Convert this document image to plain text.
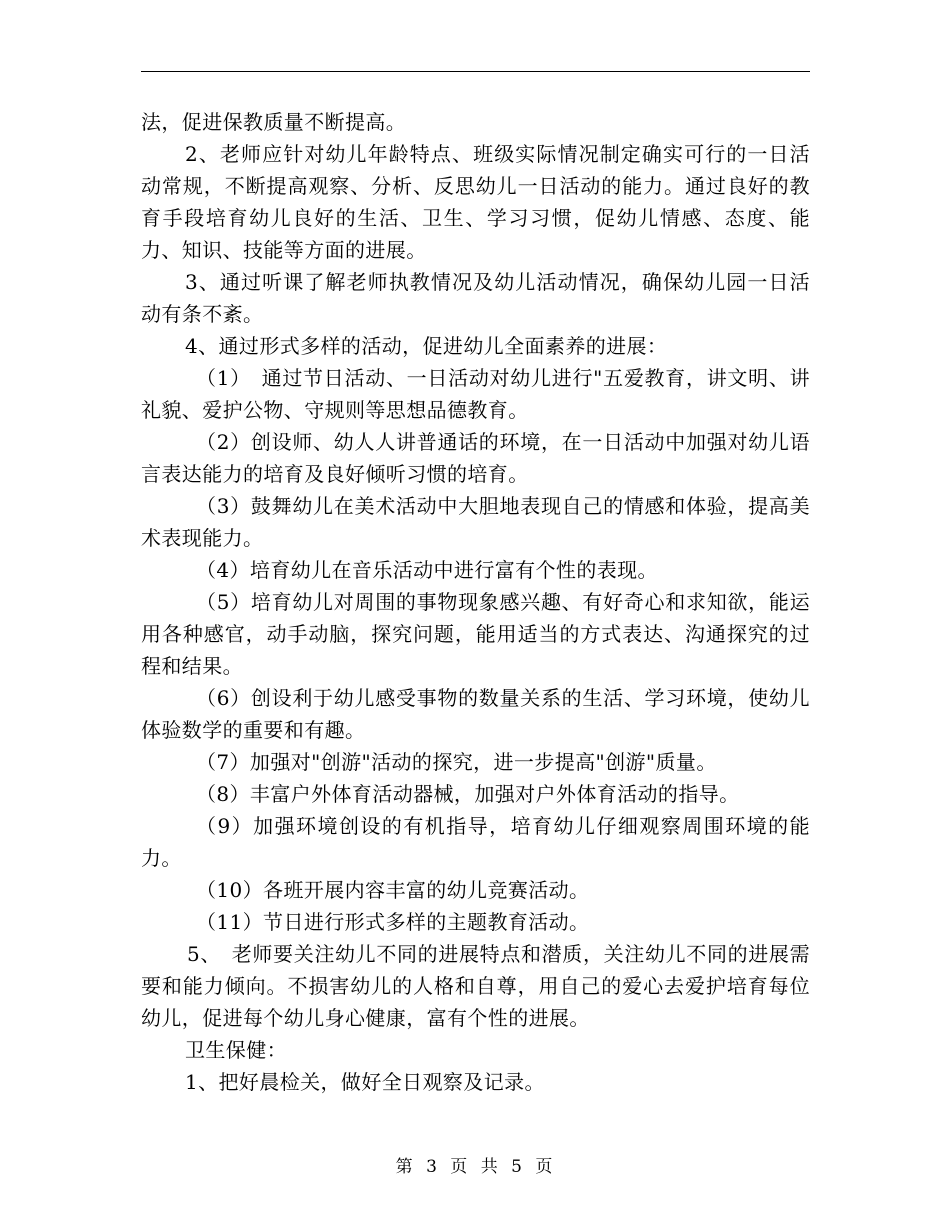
法，促进保教质量不断提高。

2、老师应针对幼儿年龄特点、班级实际情况制定确实可行的一日活动常规，不断提高观察、分析、反思幼儿一日活动的能力。通过良好的教育手段培育幼儿良好的生活、卫生、学习习惯，促幼儿情感、态度、能力、知识、技能等方面的进展。

3、通过听课了解老师执教情况及幼儿活动情况，确保幼儿园一日活动有条不紊。

4、通过形式多样的活动，促进幼儿全面素养的进展：

（1）　通过节日活动、一日活动对幼儿进行"五爱教育，讲文明、讲礼貌、爱护公物、守规则等思想品德教育。

（2）创设师、幼人人讲普通话的环境，在一日活动中加强对幼儿语言表达能力的培育及良好倾听习惯的培育。

（3）鼓舞幼儿在美术活动中大胆地表现自己的情感和体验，提高美术表现能力。

（4）培育幼儿在音乐活动中进行富有个性的表现。

（5）培育幼儿对周围的事物现象感兴趣、有好奇心和求知欲，能运用各种感官，动手动脑，探究问题，能用适当的方式表达、沟通探究的过程和结果。

（6）创设利于幼儿感受事物的数量关系的生活、学习环境，使幼儿体验数学的重要和有趣。

（7）加强对"创游"活动的探究，进一步提高"创游"质量。

（8）丰富户外体育活动器械，加强对户外体育活动的指导。

（9）加强环境创设的有机指导，培育幼儿仔细观察周围环境的能力。

（10）各班开展内容丰富的幼儿竞赛活动。

（11）节日进行形式多样的主题教育活动。

5、　老师要关注幼儿不同的进展特点和潜质，关注幼儿不同的进展需要和能力倾向。不损害幼儿的人格和自尊，用自己的爱心去爱护培育每位幼儿，促进每个幼儿身心健康，富有个性的进展。

卫生保健：

1、把好晨检关，做好全日观察及记录。

第 3 页 共 5 页
